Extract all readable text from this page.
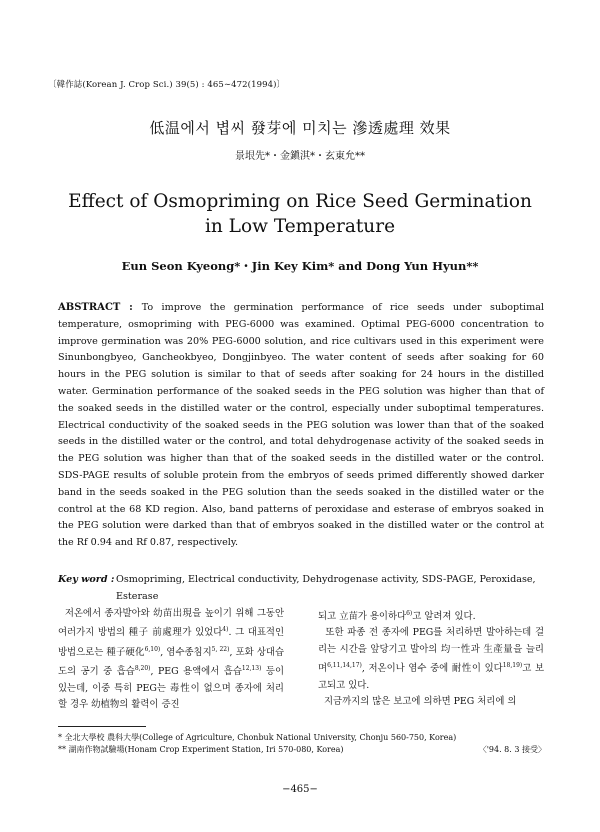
〔韓作誌(Korean J. Crop Sci.) 39(5) : 465∼472(1994)〕
低温에서 볍씨 發芽에 미치는 滲透處理 效果
景垠先*・金鎭淇*・玄東允**
Effect of Osmopriming on Rice Seed Germination
in Low Temperature
Eun Seon Kyeong*・Jin Key Kim* and Dong Yun Hyun**
ABSTRACT : To improve the germination performance of rice seeds under suboptimal temperature, osmopriming with PEG-6000 was examined. Optimal PEG-6000 concentration to improve germination was 20% PEG-6000 solution, and rice cultivars used in this experiment were Sinunbongbyeo, Gancheokbyeo, Dongjinbyeo. The water content of seeds after soaking for 60 hours in the PEG solution is similar to that of seeds after soaking for 24 hours in the distilled water. Germination performance of the soaked seeds in the PEG solution was higher than that of the soaked seeds in the distilled water or the control, especially under suboptimal temperatures. Electrical conductivity of the soaked seeds in the PEG solution was lower than that of the soaked seeds in the distilled water or the control, and total dehydrogenase activity of the soaked seeds in the PEG solution was higher than that of the soaked seeds in the distilled water or the control. SDS-PAGE results of soluble protein from the embryos of seeds primed differently showed darker band in the seeds soaked in the PEG solution than the seeds soaked in the distilled water or the control at the 68 KD region. Also, band patterns of peroxidase and esterase of embryos soaked in the PEG solution were darked than that of embryos soaked in the distilled water or the control at the Rf 0.94 and Rf 0.87, respectively.
Key word : Osmopriming, Electrical conductivity, Dehydrogenase activity, SDS-PAGE, Peroxidase, Esterase
저온에서 종자발아와 幼苗出現을 높이기 위해 그동안 여러가지 방법의 種子 前處理가 있었다$^{4)}$. 그 대표적인 방법으로는 種子硬化$^{6,10)}$, 염수종침지$^{5, 22)}$, 포화 상대습도의 공기 중 흡습$^{8,20)}$, PEG 용액에서 흡습$^{12,13)}$ 등이 있는데, 이중 특히 PEG는 毒性이 없으며 종자에 처리할 경우 幼植物의 활력이 증진
되고 立苗가 용이하다$^{6)}$고 알려져 있다.
또한 파종 전 종자에 PEG를 처리하면 발아하는데 걸리는 시간을 앞당기고 발아의 均一性과 生產量을 늘리며$^{6,11,14,17)}$, 저온이나 염수 중에 耐性이 있다$^{18,19)}$고 보고되고 있다.
지금까지의 많은 보고에 의하면 PEG 처리에 의
* 全北大學校 農科大學(College of Agriculture, Chonbuk National University, Chonju 560-750, Korea)
** 湖南作物試驗場(Honam Crop Experiment Station, Iri 570-080, Korea)	〈'94. 8. 3 接受〉
−465−
